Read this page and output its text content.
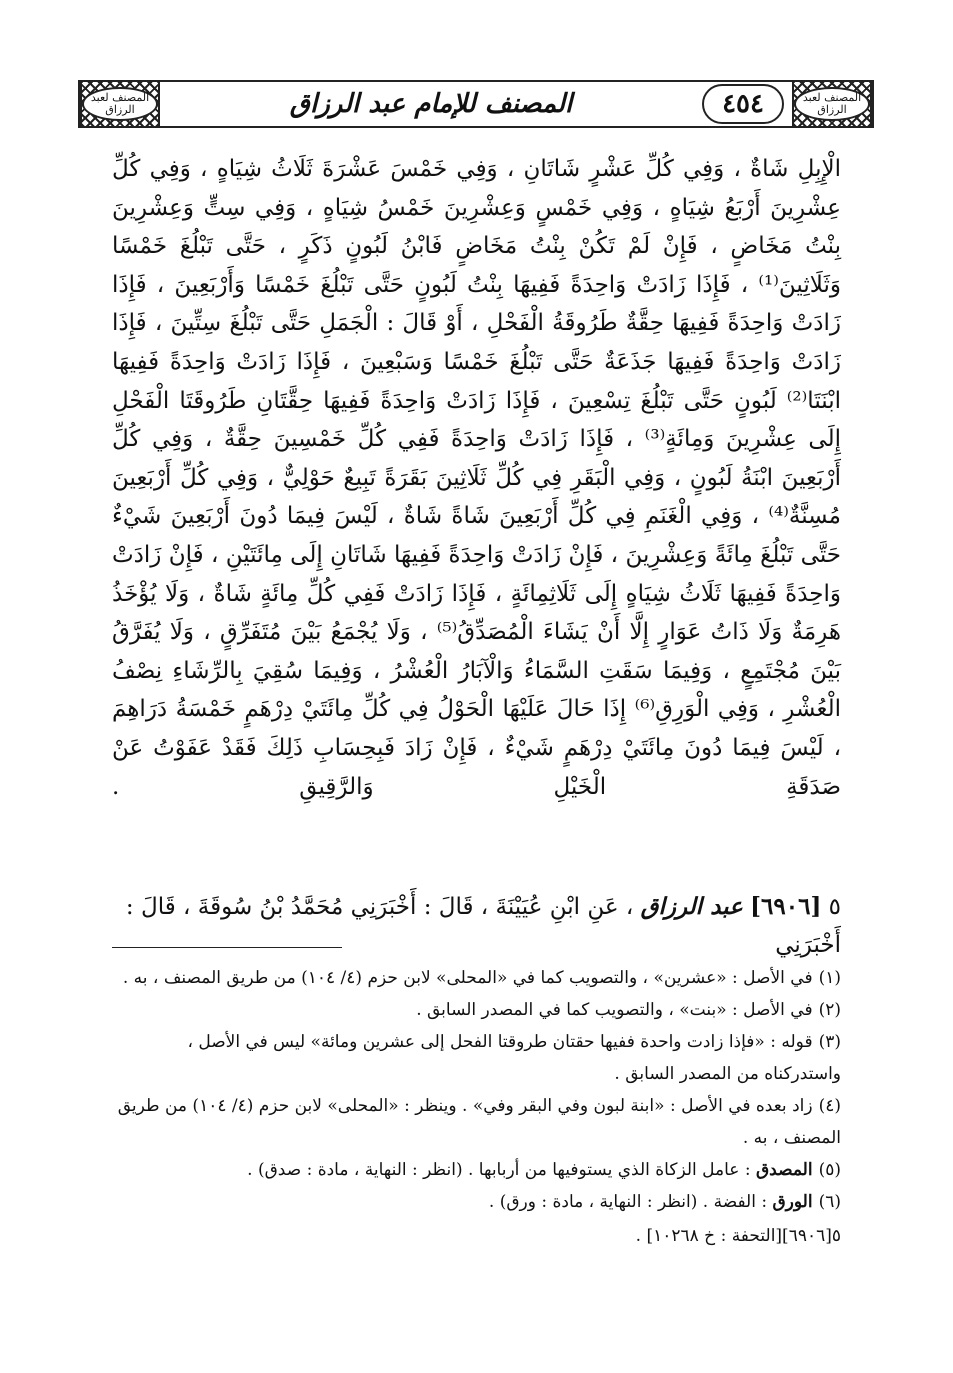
المصنف لعبد الرزاق
٤٥٤
المصنف للإمام عبد الرزاق
المصنف لعبد الرزاق

الْإِبِلِ شَاةٌ ، وَفِي كُلِّ عَشْرٍ شَاتَانِ ، وَفِي خَمْسَ عَشْرَةَ ثَلَاثُ شِيَاهٍ ، وَفِي كُلِّ عِشْرِينَ أَرْبَعُ شِيَاهٍ ، وَفِي خَمْسٍ وَعِشْرِينَ خَمْسُ شِيَاهٍ ، وَفِي سِتٍّ وَعِشْرِينَ بِنْتُ مَخَاضٍ ، فَإِنْ لَمْ تَكُنْ بِنْتُ مَخَاضٍ فَابْنُ لَبُونٍ ذَكَرٍ ، حَتَّى تَبْلُغَ خَمْسًا وَثَلَاثِينَ⁽¹⁾ ، فَإِذَا زَادَتْ وَاحِدَةً فَفِيهَا بِنْتُ لَبُونٍ حَتَّى تَبْلُغَ خَمْسًا وَأَرْبَعِينَ ، فَإِذَا زَادَتْ وَاحِدَةً فَفِيهَا حِقَّةٌ طَرُوقَةُ الْفَحْلِ ، أَوْ قَالَ : الْجَمَلِ حَتَّى تَبْلُغَ سِتِّينَ ، فَإِذَا زَادَتْ وَاحِدَةً فَفِيهَا جَذَعَةٌ حَتَّى تَبْلُغَ خَمْسًا وَسَبْعِينَ ، فَإِذَا زَادَتْ وَاحِدَةً فَفِيهَا ابْنَتَا⁽²⁾ لَبُونٍ حَتَّى تَبْلُغَ تِسْعِينَ ، فَإِذَا زَادَتْ وَاحِدَةً فَفِيهَا حِقَّتَانِ طَرُوقَتَا الْفَحْلِ إِلَى عِشْرِينَ وَمِائَةٍ⁽³⁾ ، فَإِذَا زَادَتْ وَاحِدَةً فَفِي كُلِّ خَمْسِينَ حِقَّةٌ ، وَفِي كُلِّ أَرْبَعِينَ ابْنَةُ لَبُونٍ ، وَفِي الْبَقَرِ فِي كُلِّ ثَلَاثِينَ بَقَرَةً تَبِيعٌ حَوْلِيٌّ ، وَفِي كُلِّ أَرْبَعِينَ مُسِنَّةٌ⁽⁴⁾ ، وَفِي الْغَنَمِ فِي كُلِّ أَرْبَعِينَ شَاةً شَاةٌ ، لَيْسَ فِيمَا دُونَ أَرْبَعِينَ شَيْءٌ حَتَّى تَبْلُغَ مِائَةً وَعِشْرِينَ ، فَإِنْ زَادَتْ وَاحِدَةً فَفِيهَا شَاتَانِ إِلَى مِائَتَيْنِ ، فَإِنْ زَادَتْ وَاحِدَةً فَفِيهَا ثَلَاثُ شِيَاهٍ إِلَى ثَلَاثِمِائَةٍ ، فَإِذَا زَادَتْ فَفِي كُلِّ مِائَةٍ شَاةٌ ، وَلَا يُؤْخَذُ هَرِمَةٌ وَلَا ذَاتُ عَوَارٍ إِلَّا أَنْ يَشَاءَ الْمُصَدِّقُ⁽⁵⁾ ، وَلَا يُجْمَعُ بَيْنَ مُتَفَرِّقٍ ، وَلَا يُفَرَّقُ بَيْنَ مُجْتَمِعٍ ، وَفِيمَا سَقَتِ السَّمَاءُ وَالْآبَارُ الْعُشْرُ ، وَفِيمَا سُقِيَ بِالرِّشَاءِ نِصْفُ الْعُشْرِ ، وَفِي الْوَرِقِ⁽⁶⁾ إِذَا حَالَ عَلَيْهَا الْحَوْلُ فِي كُلِّ مِائَتَيْ دِرْهَمٍ خَمْسَةُ دَرَاهِمَ ، لَيْسَ فِيمَا دُونَ مِائَتَيْ دِرْهَمٍ شَيْءٌ ، فَإِنْ زَادَ فَبِحِسَابِ ذَلِكَ فَقَدْ عَفَوْتُ عَنْ صَدَقَةِ الْخَيْلِ وَالرَّقِيقِ .

٥ [٦٩٠٦] عبد الرزاق ، عَنِ ابْنِ عُيَيْنَةَ ، قَالَ : أَخْبَرَنِي مُحَمَّدُ بْنُ سُوقَةَ ، قَالَ : أَخْبَرَنِي
(١)في الأصل : «عشرين» ، والتصويب كما في «المحلى» لابن حزم (٤/ ١٠٤) من طريق المصنف ، به .
(٢)في الأصل : «بنت» ، والتصويب كما في المصدر السابق .
(٣)قوله : «فإذا زادت واحدة ففيها حقتان طروقتا الفحل إلى عشرين ومائة» ليس في الأصل ، واستدركناه من المصدر السابق .
(٤)زاد بعده في الأصل : «ابنة لبون وفي البقر وفي» . وينظر : «المحلى» لابن حزم (٤/ ١٠٤) من طريق المصنف ، به .
(٥)المصدق : عامل الزكاة الذي يستوفيها من أربابها . (انظر : النهاية ، مادة : صدق) .
(٦)الورق : الفضة . (انظر : النهاية ، مادة : ورق) .
٥[٦٩٠٦][التحفة : خ ١٠٢٦٨] .
